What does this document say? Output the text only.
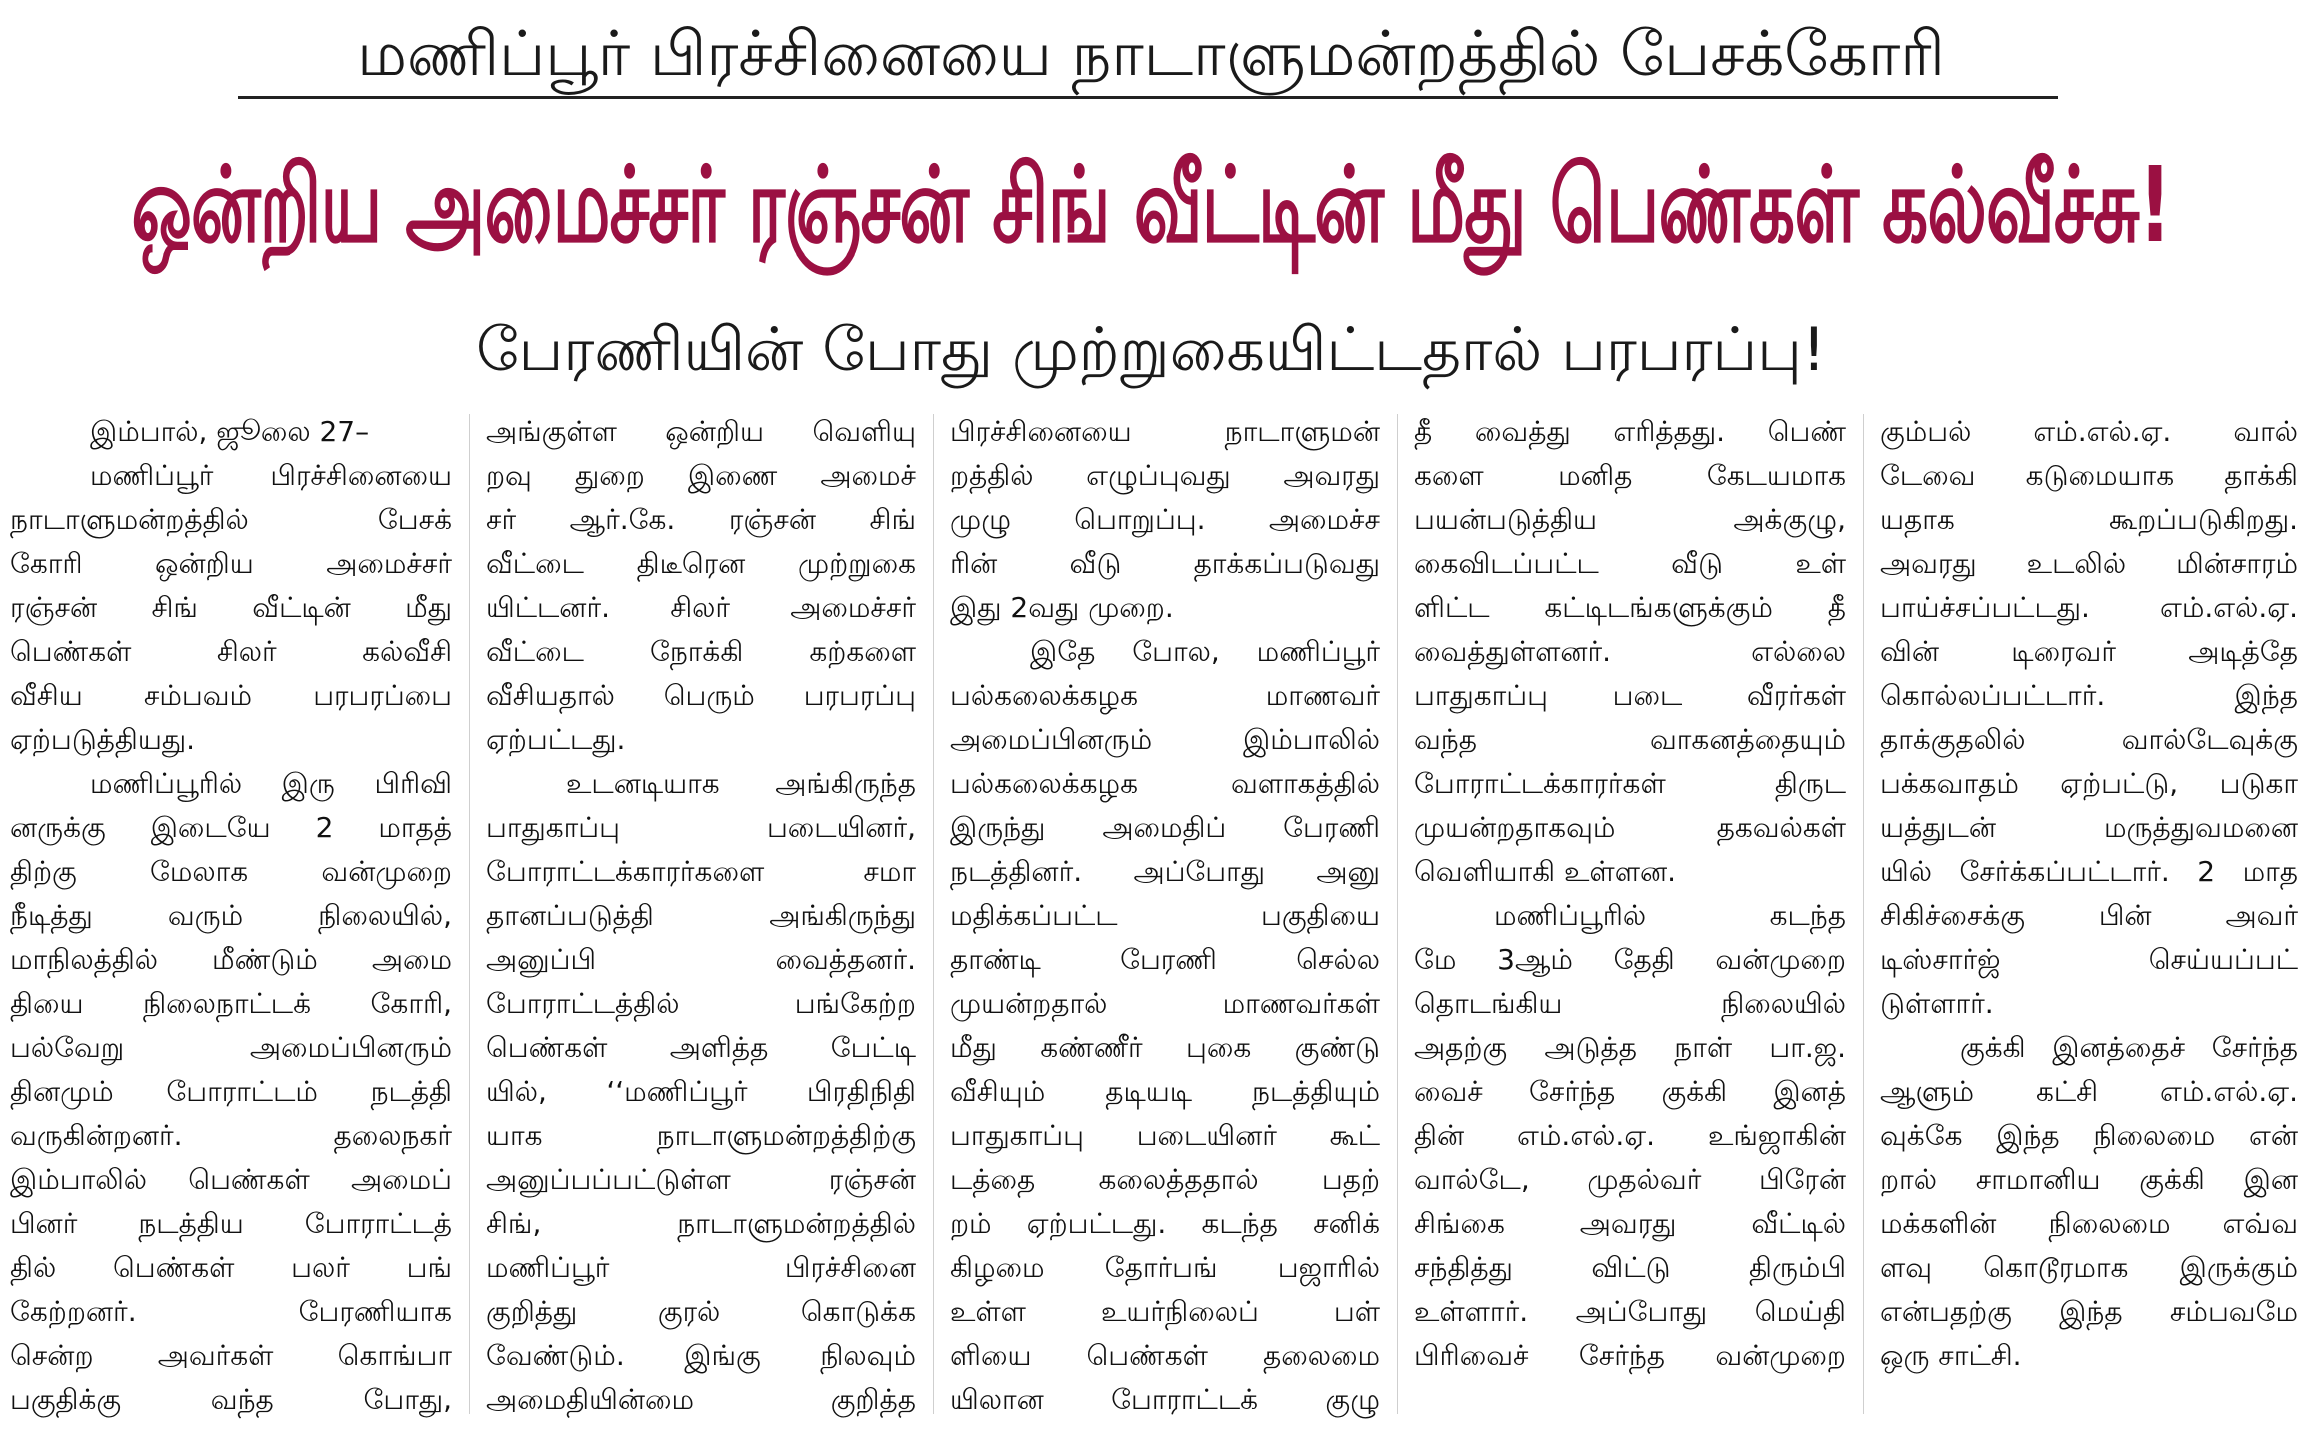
மணிப்பூர் பிரச்சினையை நாடாளுமன்றத்தில் பேசக்கோரி
ஒன்றிய அமைச்சர் ரஞ்சன் சிங் வீட்டின் மீது பெண்கள் கல்வீச்சு!
பேரணியின் போது முற்றுகையிட்டதால் பரபரப்பு!
இம்பால், ஜூலை 27–
மணிப்பூர் பிரச்சினையை
நாடாளுமன்றத்தில் பேசக்
கோரி ஒன்றிய அமைச்சர்
ரஞ்சன் சிங் வீட்டின் மீது
பெண்கள் சிலர் கல்வீசி
வீசிய சம்பவம் பரபரப்பை
ஏற்படுத்தியது.
மணிப்பூரில் இரு பிரிவி
னருக்கு இடையே 2 மாதத்
திற்கு மேலாக வன்முறை
நீடித்து வரும் நிலையில்,
மாநிலத்தில் மீண்டும் அமை
தியை நிலைநாட்டக் கோரி,
பல்வேறு அமைப்பினரும்
தினமும் போராட்டம் நடத்தி
வருகின்றனர். தலைநகர்
இம்பாலில் பெண்கள் அமைப்
பினர் நடத்திய போராட்டத்
தில் பெண்கள் பலர் பங்
கேற்றனர். பேரணியாக
சென்ற அவர்கள் கொங்பா
பகுதிக்கு வந்த போது,
அங்குள்ள ஒன்றிய வெளியு
றவு துறை இணை அமைச்
சர் ஆர்.கே. ரஞ்சன் சிங்
வீட்டை திடீரென முற்றுகை
யிட்டனர். சிலர் அமைச்சர்
வீட்டை நோக்கி கற்களை
வீசியதால் பெரும் பரபரப்பு
ஏற்பட்டது.
உடனடியாக அங்கிருந்த
பாதுகாப்பு படையினர்,
போராட்டக்காரர்களை சமா
தானப்படுத்தி அங்கிருந்து
அனுப்பி வைத்தனர்.
போராட்டத்தில் பங்கேற்ற
பெண்கள் அளித்த பேட்டி
யில், ‘‘மணிப்பூர் பிரதிநிதி
யாக நாடாளுமன்றத்திற்கு
அனுப்பப்பட்டுள்ள ரஞ்சன்
சிங், நாடாளுமன்றத்தில்
மணிப்பூர் பிரச்சினை
குறித்து குரல் கொடுக்க
வேண்டும். இங்கு நிலவும்
அமைதியின்மை குறித்த
பிரச்சினையை நாடாளுமன்
றத்தில் எழுப்புவது அவரது
முழு பொறுப்பு. அமைச்ச
ரின் வீடு தாக்கப்படுவது
இது 2வது முறை.
இதே போல, மணிப்பூர்
பல்கலைக்கழக மாணவர்
அமைப்பினரும் இம்பாலில்
பல்கலைக்கழக வளாகத்தில்
இருந்து அமைதிப் பேரணி
நடத்தினர். அப்போது அனு
மதிக்கப்பட்ட பகுதியை
தாண்டி பேரணி செல்ல
முயன்றதால் மாணவர்கள்
மீது கண்ணீர் புகை குண்டு
வீசியும் தடியடி நடத்தியும்
பாதுகாப்பு படையினர் கூட்
டத்தை கலைத்ததால் பதற்
றம் ஏற்பட்டது. கடந்த சனிக்
கிழமை தோர்பங் பஜாரில்
உள்ள உயர்நிலைப் பள்
ளியை பெண்கள் தலைமை
யிலான போராட்டக் குழு
தீ வைத்து எரித்தது. பெண்
களை மனித கேடயமாக
பயன்படுத்திய அக்குழு,
கைவிடப்பட்ட வீடு உள்
ளிட்ட கட்டிடங்களுக்கும் தீ
வைத்துள்ளனர். எல்லை
பாதுகாப்பு படை வீரர்கள்
வந்த வாகனத்தையும்
போராட்டக்காரர்கள் திருட
முயன்றதாகவும் தகவல்கள்
வெளியாகி உள்ளன.
மணிப்பூரில் கடந்த
மே 3ஆம் தேதி வன்முறை
தொடங்கிய நிலையில்
அதற்கு அடுத்த நாள் பா.ஜ.
வைச் சேர்ந்த குக்கி இனத்
தின் எம்.எல்.ஏ. உங்ஜாகின்
வால்டே, முதல்வர் பிரேன்
சிங்கை அவரது வீட்டில்
சந்தித்து விட்டு திரும்பி
உள்ளார். அப்போது மெய்தி
பிரிவைச் சேர்ந்த வன்முறை
கும்பல் எம்.எல்.ஏ. வால்
டேவை கடுமையாக தாக்கி
யதாக கூறப்படுகிறது.
அவரது உடலில் மின்சாரம்
பாய்ச்சப்பட்டது. எம்.எல்.ஏ.
வின் டிரைவர் அடித்தே
கொல்லப்பட்டார். இந்த
தாக்குதலில் வால்டேவுக்கு
பக்கவாதம் ஏற்பட்டு, படுகா
யத்துடன் மருத்துவமனை
யில் சேர்க்கப்பட்டார். 2 மாத
சிகிச்சைக்கு பின் அவர்
டிஸ்சார்ஜ் செய்யப்பட்
டுள்ளார்.
குக்கி இனத்தைச் சேர்ந்த
ஆளும் கட்சி எம்.எல்.ஏ.
வுக்கே இந்த நிலைமை என்
றால் சாமானிய குக்கி இன
மக்களின் நிலைமை எவ்வ
ளவு கொடூரமாக இருக்கும்
என்பதற்கு இந்த சம்பவமே
ஒரு சாட்சி.
